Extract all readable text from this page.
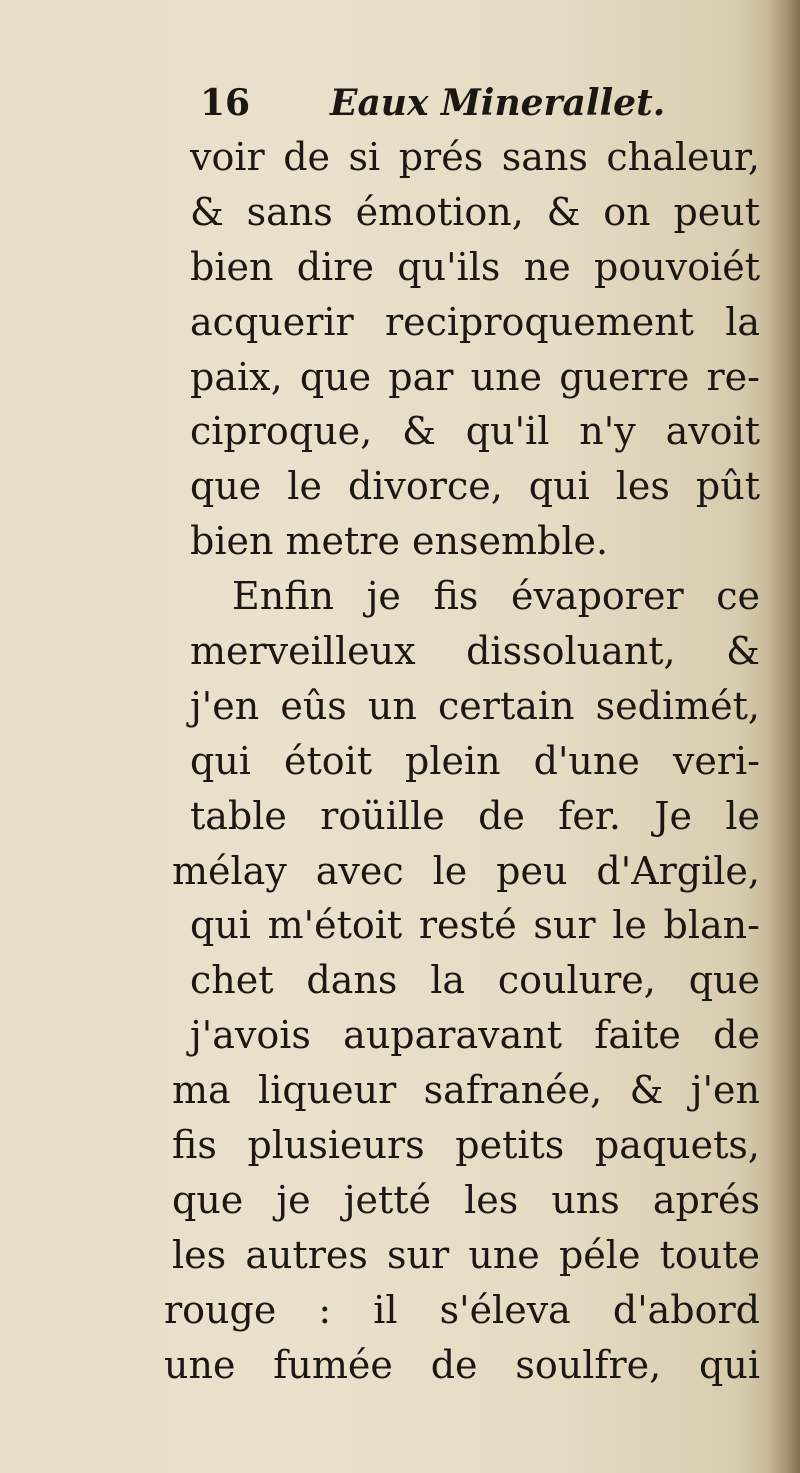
16 Eaux Minerallet.
voir de si prés sans chaleur,
& sans émotion, & on peut
bien dire qu'ils ne pouvoiét
acquerir reciproquement la
paix, que par une guerre re-
ciproque, & qu'il n'y avoit
que le divorce, qui les pût
bien metre ensemble.
Enfin je fis évaporer ce
merveilleux dissoluant, &
j'en eûs un certain sedimét,
qui étoit plein d'une veri-
table roüille de fer. Je le
mélay avec le peu d'Argile,
qui m'étoit resté sur le blan-
chet dans la coulure, que
j'avois auparavant faite de
ma liqueur safranée, & j'en
fis plusieurs petits paquets,
que je jetté les uns aprés
les autres sur une péle toute
rouge : il s'éleva d'abord
une fumée de soulfre, qui
